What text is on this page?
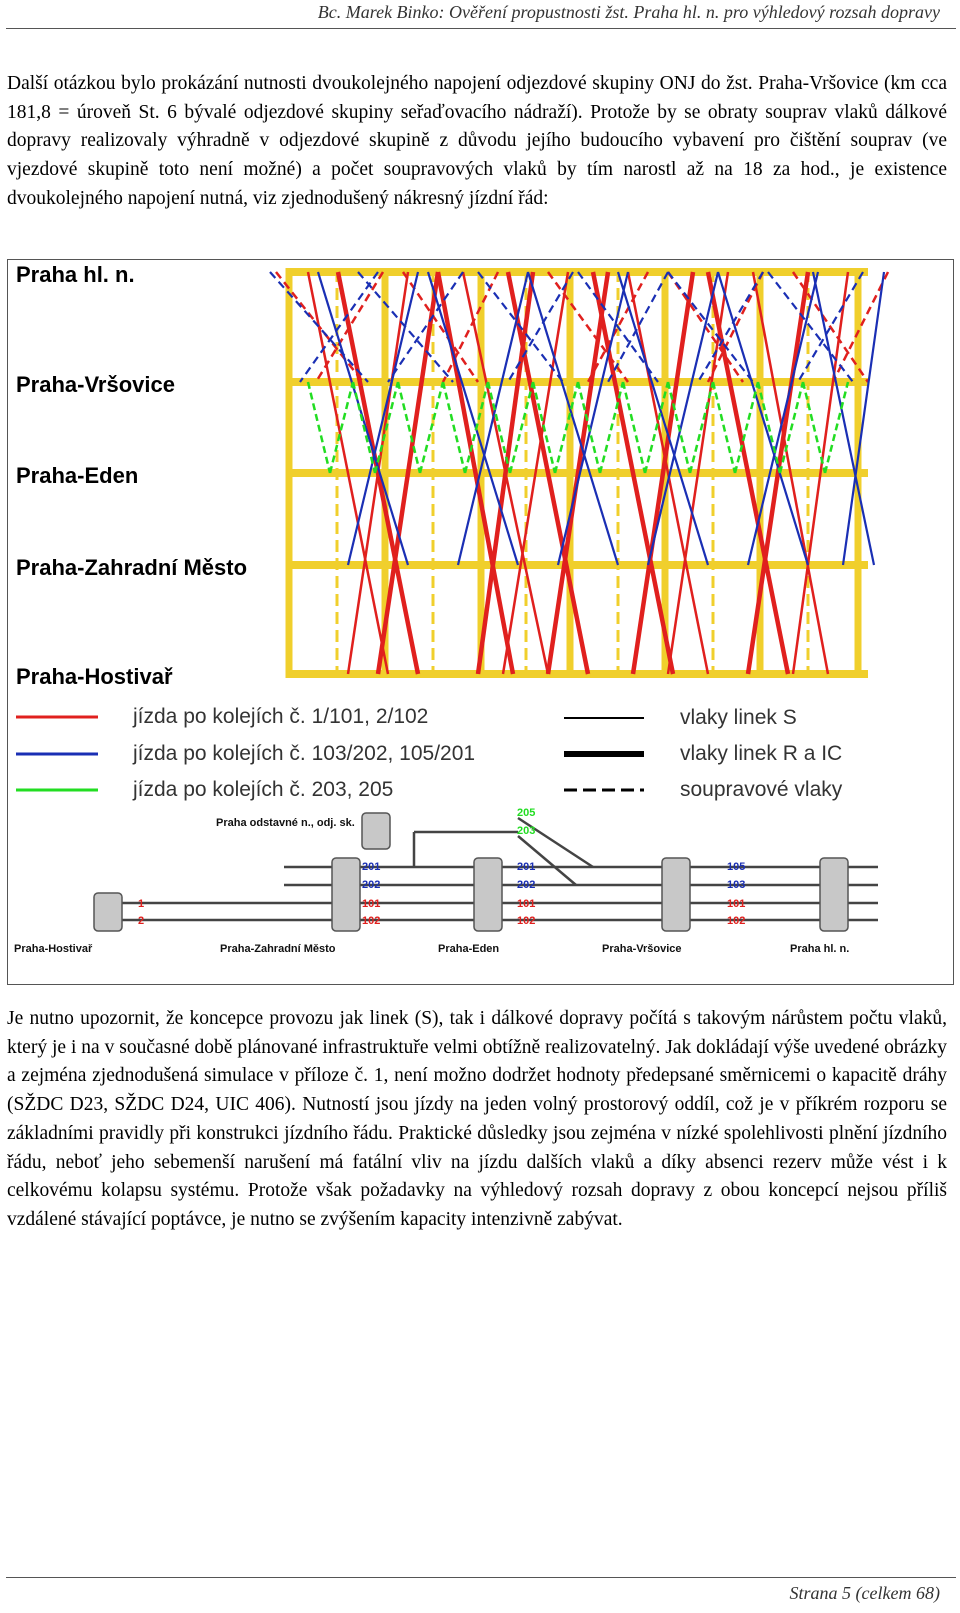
Bc. Marek Binko: Ověření propustnosti žst. Praha hl. n. pro výhledový rozsah dopravy

Další otázkou bylo prokázání nutnosti dvoukolejného napojení odjezdové skupiny ONJ do žst. Praha-Vršovice (km cca 181,8 = úroveň St. 6 bývalé odjezdové skupiny seřaďovacího nádraží). Protože by se obraty souprav vlaků dálkové dopravy realizovaly výhradně v odjezdové skupině z důvodu jejího budoucího vybavení pro čištění souprav (ve vjezdové skupině toto není možné) a počet soupravových vlaků by tím narostl až na 18 za hod., je existence dvoukolejného napojení nutná, viz zjednodušený nákresný jízdní řád:

Praha hl. n.
Praha-Vršovice
Praha-Eden
Praha-Zahradní Město
Praha-Hostivař
jízda po kolejích č. 1/101, 2/102
jízda po kolejích č. 103/202, 105/201
jízda po kolejích č. 203, 205
vlaky linek S
vlaky linek R a IC
soupravové vlaky
Praha odstavné n., odj. sk.
1
2
201
202
101
102
205
203
201
202
101
102
105
103
101
102
Praha-Hostivař	Praha-Zahradní Město	Praha-Eden	Praha-Vršovice	Praha hl. n.

Je nutno upozornit, že koncepce provozu jak linek (S), tak i dálkové dopravy počítá s takovým nárůstem počtu vlaků, který je i na v současné době plánované infrastruktuře velmi obtížně realizovatelný. Jak dokládají výše uvedené obrázky a zejména zjednodušená simulace v příloze č. 1, není možno dodržet hodnoty předepsané směrnicemi o kapacitě dráhy (SŽDC D23, SŽDC D24, UIC 406). Nutností jsou jízdy na jeden volný prostorový oddíl, což je v příkrém rozporu se základními pravidly při konstrukci jízdního řádu. Praktické důsledky jsou zejména v nízké spolehlivosti plnění jízdního řádu, neboť jeho sebemenší narušení má fatální vliv na jízdu dalších vlaků a díky absenci rezerv může vést i k celkovému kolapsu systému. Protože však požadavky na výhledový rozsah dopravy z obou koncepcí nejsou příliš vzdálené stávající poptávce, je nutno se zvýšením kapacity intenzivně zabývat.

Strana 5 (celkem 68)
